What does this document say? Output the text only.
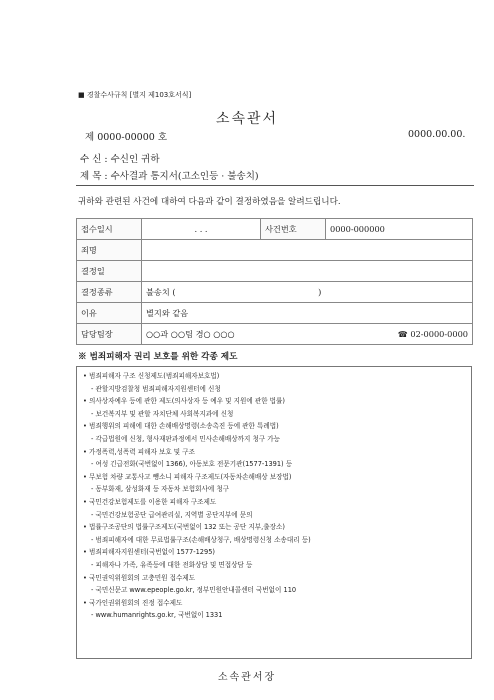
■ 경찰수사규칙 [별지 제103호서식]
소속관서
제 0000-00000 호	0000.00.00.
수 신 : 수신인 귀하
제 목 : 수사결과 통지서(고소인등 · 불송치)
귀하와 관련된 사건에 대하여 다음과 같이 결정하였음을 알려드립니다.
접수일시	. . .	사건번호	0000-000000
죄명			
결정일			
결정종류	불송치 ( )		
이유	별지와 같음		
담당팀장	○○과 ○○팀 경○ ○○○ ☎ 02-0000-0000		
※ 범죄피해자 권리 보호를 위한 각종 제도
• 범죄피해자 구조 신청제도(범죄피해자보호법)
- 관할지방검찰청 범죄피해자지원센터에 신청
• 의사상자예우 등에 관한 제도(의사상자 등 예우 및 지원에 관한 법률)
- 보건복지부 및 관할 자치단체 사회복지과에 신청
• 범죄행위의 피해에 대한 손해배상명령(소송촉진 등에 관한 특례법)
- 각급법원에 신청, 형사재판과정에서 민사손해배상까지 청구 가능
• 가정폭력,성폭력 피해자 보호 및 구조
- 여성 긴급전화(국번없이 1366), 아동보호 전문기관(1577-1391) 등
• 무보험 차량 교통사고 뺑소니 피해자 구조제도(자동차손해배상 보장법)
- 동부화재, 삼성화재 등 자동차 보험회사에 청구
• 국민건강보험제도를 이용한 피해자 구조제도
- 국민건강보험공단 급여관리실, 지역별 공단지부에 문의
• 법률구조공단의 법률구조제도(국번없이 132 또는 공단 지부,출장소)
- 범죄피해자에 대한 무료법률구조(손해배상청구, 배상명령신청 소송대리 등)
• 범죄피해자지원센터(국번없이 1577-1295)
- 피해자나 가족, 유족등에 대한 전화상담 및 면접상담 등
• 국민권익위원회의 고충민원 접수제도
- 국민신문고 www.epeople.go.kr, 정부민원안내콜센터 국번없이 110
• 국가인권위원회의 진정 접수제도
- www.humanrights.go.kr, 국번없이 1331
소속관서장
